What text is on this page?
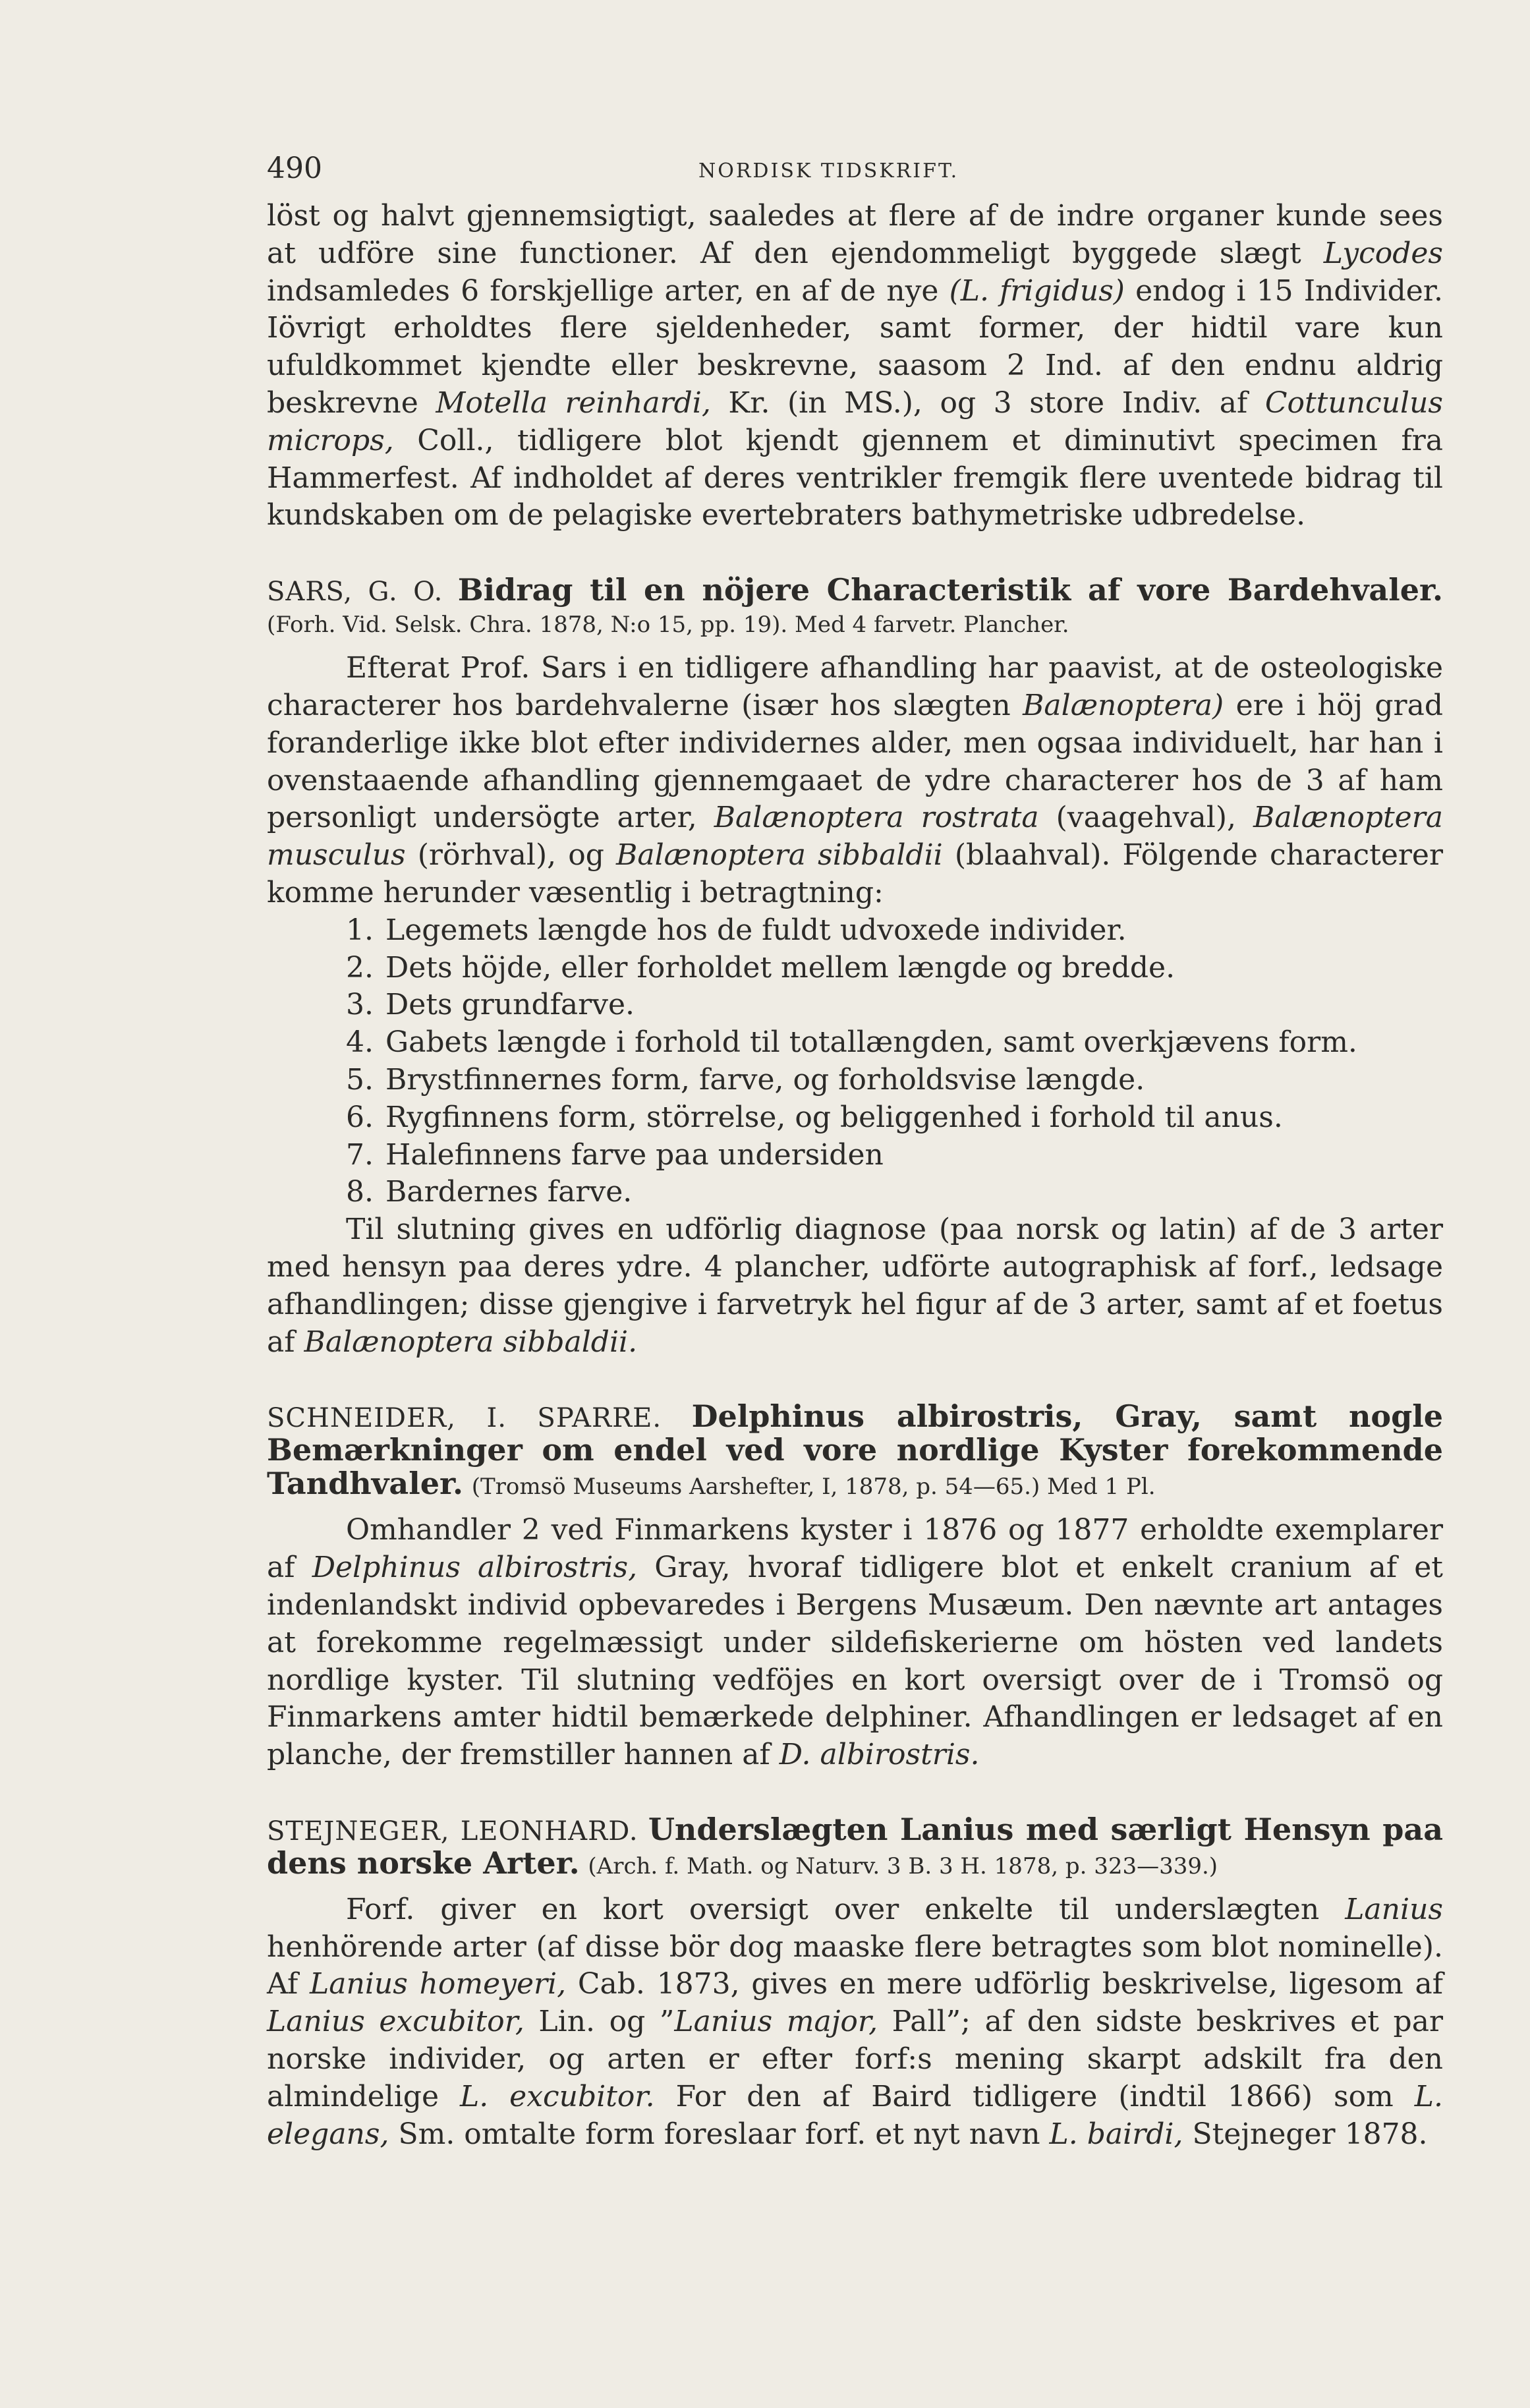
490	NORDISK TIDSKRIFT.

löst og halvt gjennemsigtigt, saaledes at flere af de indre organer kunde sees at udföre sine functioner. Af den ejendommeligt byggede slægt Lycodes indsamledes 6 forskjellige arter, en af de nye (L. frigidus) endog i 15 Individer. Iövrigt erholdtes flere sjeldenheder, samt former, der hidtil vare kun ufuldkommet kjendte eller beskrevne, saasom 2 Ind. af den endnu aldrig beskrevne Motella reinhardi, Kr. (in MS.), og 3 store Indiv. af Cottunculus microps, Coll., tidligere blot kjendt gjennem et diminutivt specimen fra Hammerfest. Af indholdet af deres ventrikler fremgik flere uventede bidrag til kundskaben om de pelagiske evertebraters bathymetriske udbredelse.

SARS, G. O. Bidrag til en nöjere Characteristik af vore Bardehvaler. (Forh. Vid. Selsk. Chra. 1878, N:o 15, pp. 19). Med 4 farvetr. Plancher.

Efterat Prof. Sars i en tidligere afhandling har paavist, at de osteologiske characterer hos bardehvalerne (især hos slægten Balænoptera) ere i höj grad foranderlige ikke blot efter individernes alder, men ogsaa individuelt, har han i ovenstaaende afhandling gjennemgaaet de ydre characterer hos de 3 af ham personligt undersögte arter, Balænoptera rostrata (vaagehval), Balænoptera musculus (rörhval), og Balænoptera sibbaldii (blaahval). Fölgende characterer komme herunder væsentlig i betragtning:

1. Legemets længde hos de fuldt udvoxede individer.
2. Dets höjde, eller forholdet mellem længde og bredde.
3. Dets grundfarve.
4. Gabets længde i forhold til totallængden, samt overkjævens form.
5. Brystfinnernes form, farve, og forholdsvise længde.
6. Rygfinnens form, störrelse, og beliggenhed i forhold til anus.
7. Halefinnens farve paa undersiden
8. Bardernes farve.

Til slutning gives en udförlig diagnose (paa norsk og latin) af de 3 arter med hensyn paa deres ydre. 4 plancher, udförte autographisk af forf., ledsage afhandlingen; disse gjengive i farvetryk hel figur af de 3 arter, samt af et foetus af Balænoptera sibbaldii.

SCHNEIDER, I. SPARRE. Delphinus albirostris, Gray, samt nogle Bemærkninger om endel ved vore nordlige Kyster forekommende Tandhvaler. (Tromsö Museums Aarshefter, I, 1878, p. 54—65.) Med 1 Pl.

Omhandler 2 ved Finmarkens kyster i 1876 og 1877 erholdte exemplarer af Delphinus albirostris, Gray, hvoraf tidligere blot et enkelt cranium af et indenlandskt individ opbevaredes i Bergens Musæum. Den nævnte art antages at forekomme regelmæssigt under sildefiskerierne om hösten ved landets nordlige kyster. Til slutning vedföjes en kort oversigt over de i Tromsö og Finmarkens amter hidtil bemærkede delphiner. Afhandlingen er ledsaget af en planche, der fremstiller hannen af D. albirostris.

STEJNEGER, LEONHARD. Underslægten Lanius med særligt Hensyn paa dens norske Arter. (Arch. f. Math. og Naturv. 3 B. 3 H. 1878, p. 323—339.)

Forf. giver en kort oversigt over enkelte til underslægten Lanius henhörende arter (af disse bör dog maaske flere betragtes som blot nominelle). Af Lanius homeyeri, Cab. 1873, gives en mere udförlig beskrivelse, ligesom af Lanius excubitor, Lin. og ”Lanius major, Pall”; af den sidste beskrives et par norske individer, og arten er efter forf:s mening skarpt adskilt fra den almindelige L. excubitor. For den af Baird tidligere (indtil 1866) som L. elegans, Sm. omtalte form foreslaar forf. et nyt navn L. bairdi, Stejneger 1878.
